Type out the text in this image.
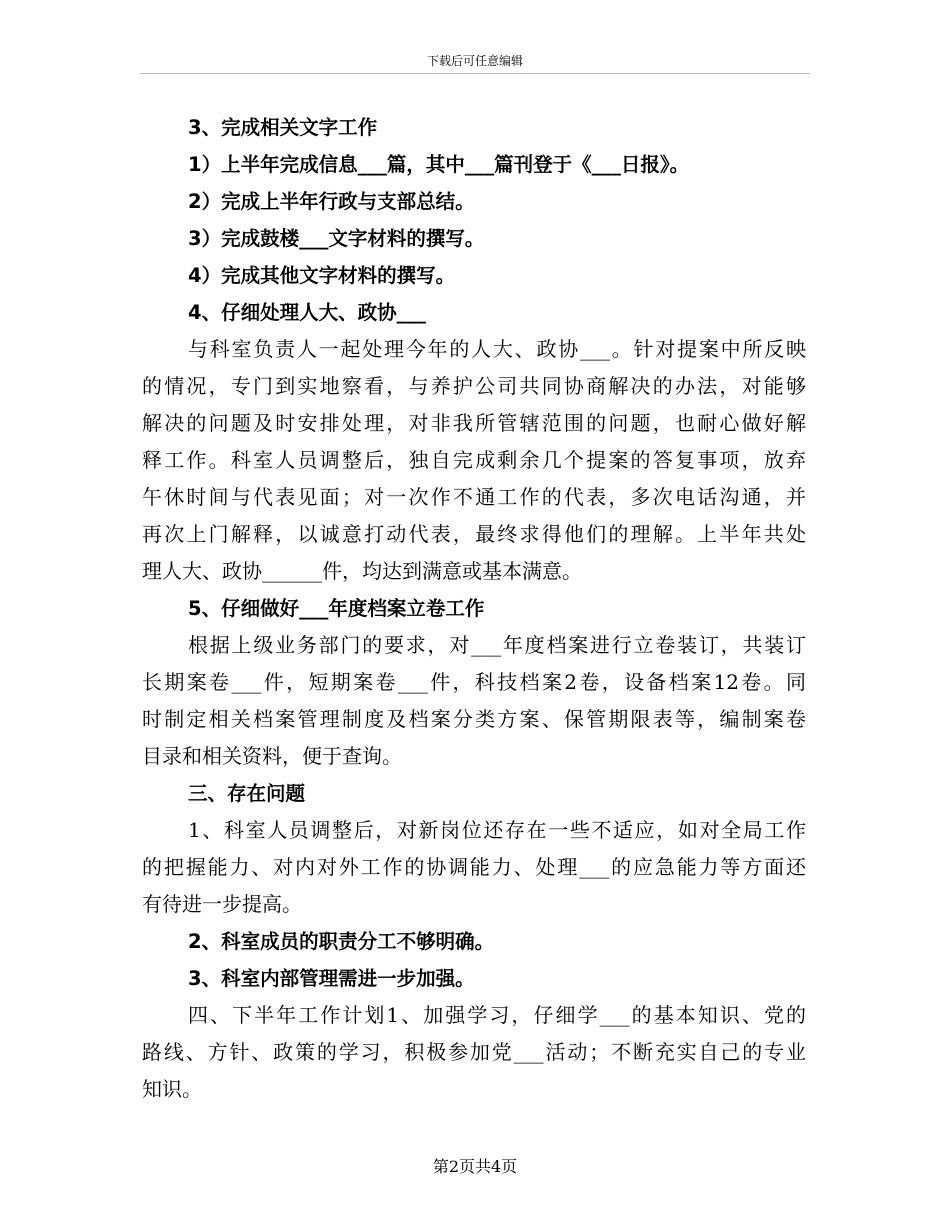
下载后可任意编辑
3、完成相关文字工作
1）上半年完成信息___篇，其中___篇刊登于《___日报》。
2）完成上半年行政与支部总结。
3）完成鼓楼___文字材料的撰写。
4）完成其他文字材料的撰写。
4、仔细处理人大、政协___
与科室负责人一起处理今年的人大、政协___。针对提案中所反映
的情况，专门到实地察看，与养护公司共同协商解决的办法，对能够
解决的问题及时安排处理，对非我所管辖范围的问题，也耐心做好解
释工作。科室人员调整后，独自完成剩余几个提案的答复事项，放弃
午休时间与代表见面；对一次作不通工作的代表，多次电话沟通，并
再次上门解释，以诚意打动代表，最终求得他们的理解。上半年共处
理人大、政协______件，均达到满意或基本满意。
5、仔细做好___年度档案立卷工作
根据上级业务部门的要求，对___年度档案进行立卷装订，共装订
长期案卷___件，短期案卷___件，科技档案2卷，设备档案12卷。同
时制定相关档案管理制度及档案分类方案、保管期限表等，编制案卷
目录和相关资料，便于查询。
三、存在问题
1、科室人员调整后，对新岗位还存在一些不适应，如对全局工作
的把握能力、对内对外工作的协调能力、处理___的应急能力等方面还
有待进一步提高。
2、科室成员的职责分工不够明确。
3、科室内部管理需进一步加强。
四、下半年工作计划1、加强学习，仔细学___的基本知识、党的
路线、方针、政策的学习，积极参加党___活动；不断充实自己的专业
知识。
第2页共4页
